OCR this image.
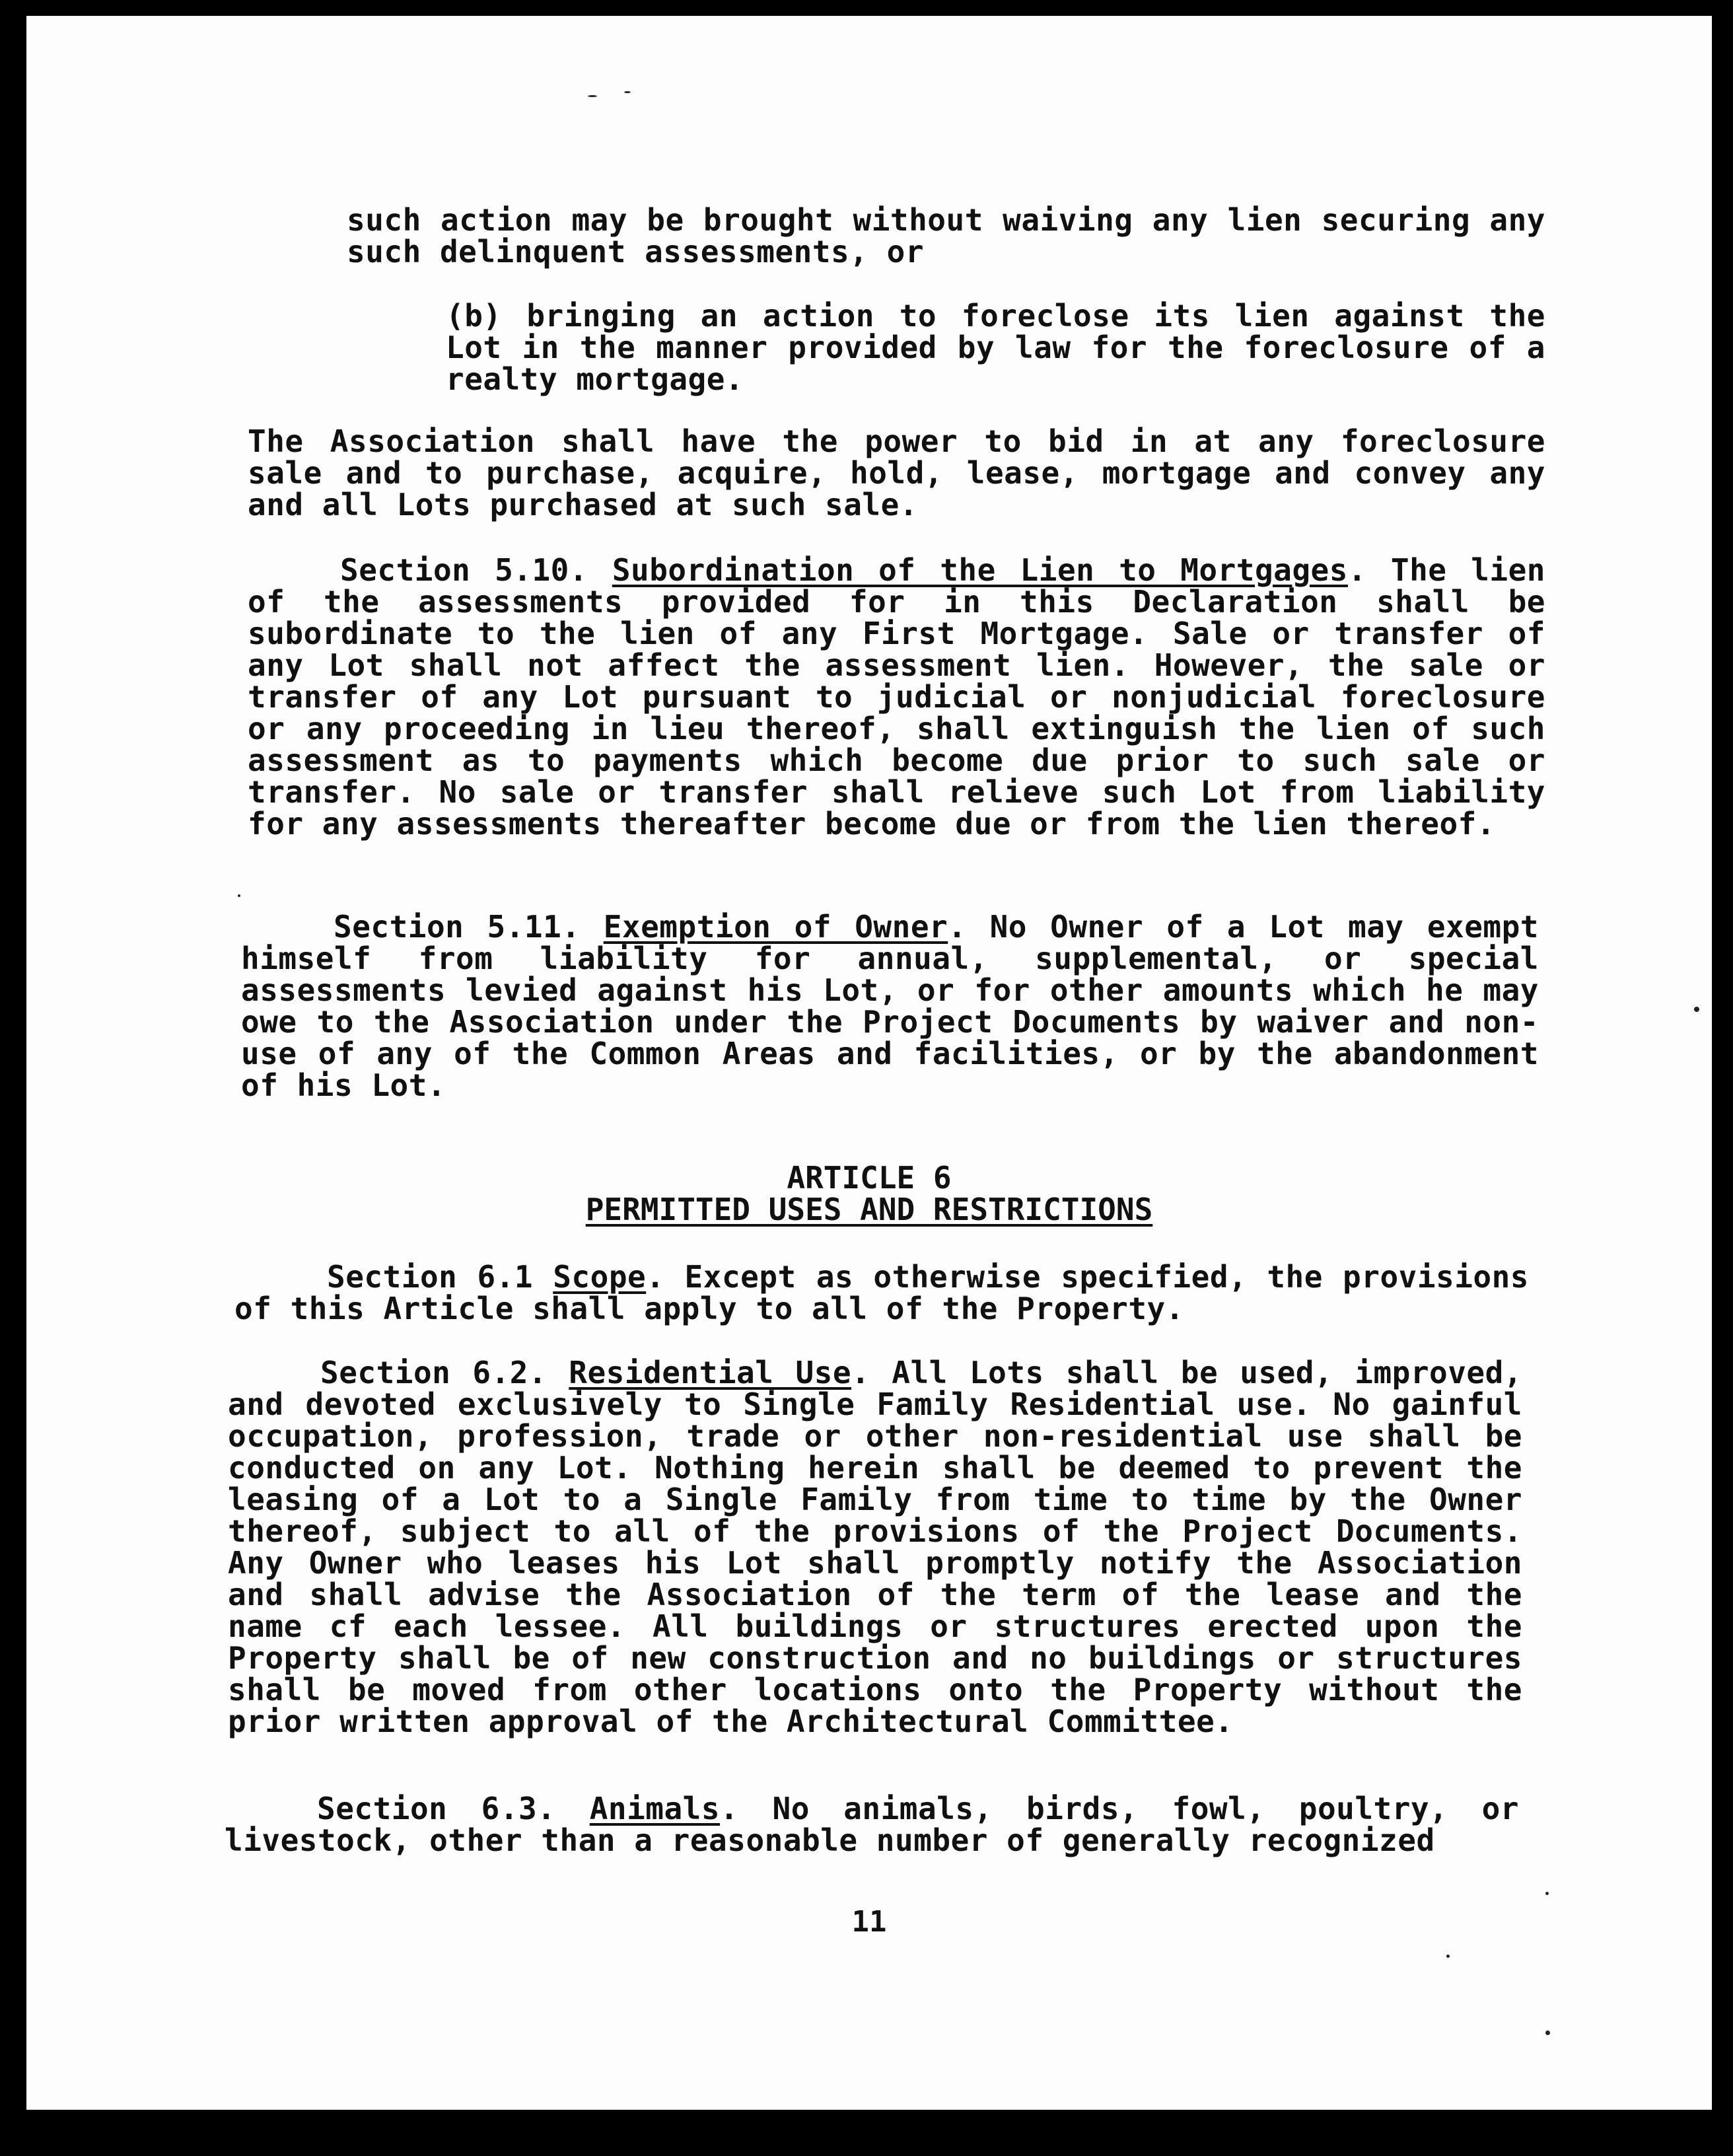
such action may be brought without waiving any lien securing any such delinquent assessments, or

(b) bringing an action to foreclose its lien against the Lot in the manner provided by law for the foreclosure of a realty mortgage.

The Association shall have the power to bid in at any foreclosure sale and to purchase, acquire, hold, lease, mortgage and convey any and all Lots purchased at such sale.

Section 5.10. Subordination of the Lien to Mortgages. The lien of the assessments provided for in this Declaration shall be subordinate to the lien of any First Mortgage. Sale or transfer of any Lot shall not affect the assessment lien. However, the sale or transfer of any Lot pursuant to judicial or nonjudicial foreclosure or any proceeding in lieu thereof, shall extinguish the lien of such assessment as to payments which become due prior to such sale or transfer. No sale or transfer shall relieve such Lot from liability for any assessments thereafter become due or from the lien thereof.

Section 5.11. Exemption of Owner. No Owner of a Lot may exempt himself from liability for annual, supplemental, or special assessments levied against his Lot, or for other amounts which he may owe to the Association under the Project Documents by waiver and non-use of any of the Common Areas and facilities, or by the abandonment of his Lot.

ARTICLE 6
PERMITTED USES AND RESTRICTIONS

Section 6.1 Scope. Except as otherwise specified, the provisions of this Article shall apply to all of the Property.

Section 6.2. Residential Use. All Lots shall be used, improved, and devoted exclusively to Single Family Residential use. No gainful occupation, profession, trade or other non-residential use shall be conducted on any Lot. Nothing herein shall be deemed to prevent the leasing of a Lot to a Single Family from time to time by the Owner thereof, subject to all of the provisions of the Project Documents. Any Owner who leases his Lot shall promptly notify the Association and shall advise the Association of the term of the lease and the name cf each lessee. All buildings or structures erected upon the Property shall be of new construction and no buildings or structures shall be moved from other locations onto the Property without the prior written approval of the Architectural Committee.

Section 6.3. Animals. No animals, birds, fowl, poultry, or livestock, other than a reasonable number of generally recognized

11
